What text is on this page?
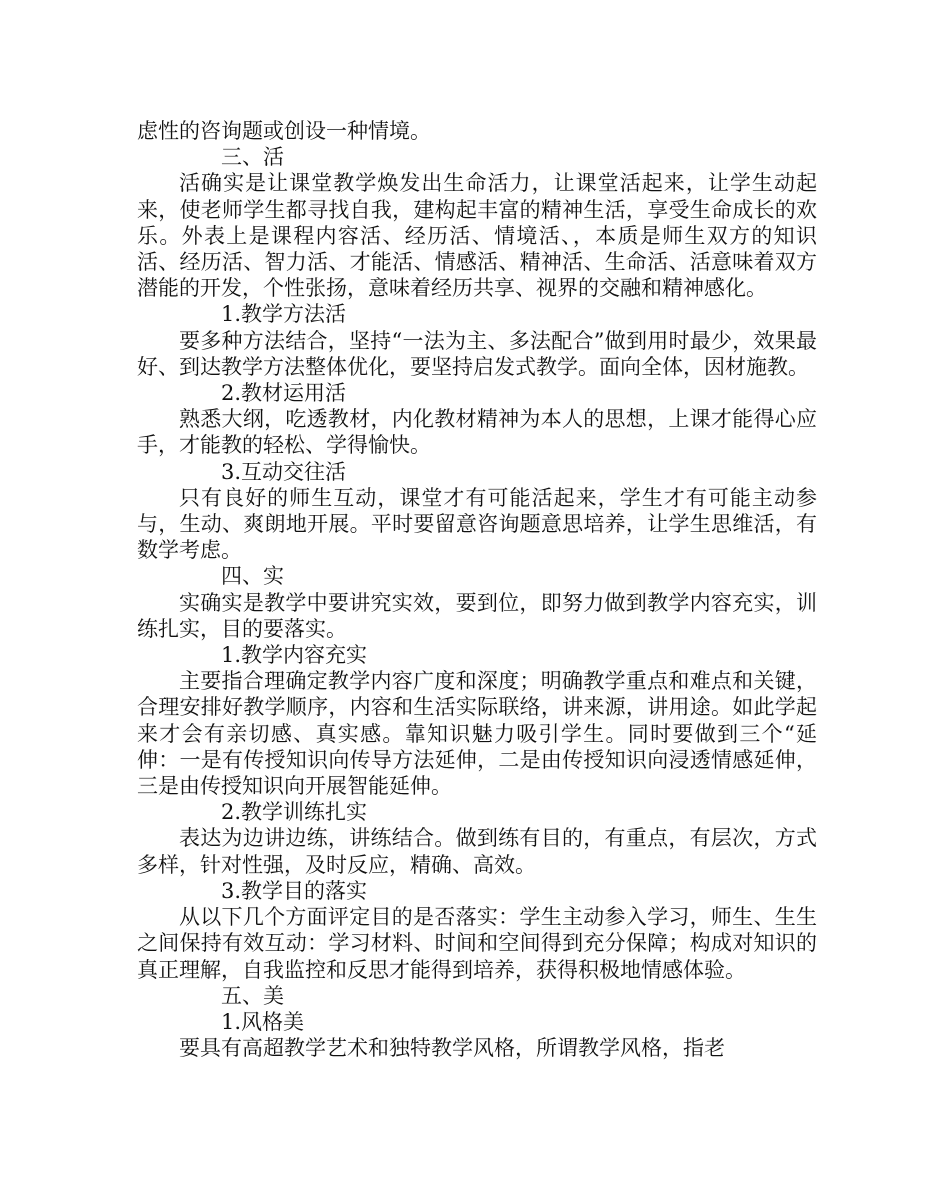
虑性的咨询题或创设一种情境。

三、活

活确实是让课堂教学焕发出生命活力，让课堂活起来，让学生动起来，使老师学生都寻找自我，建构起丰富的精神生活，享受生命成长的欢乐。外表上是课程内容活、经历活、情境活、，本质是师生双方的知识活、经历活、智力活、才能活、情感活、精神活、生命活、活意味着双方潜能的开发，个性张扬，意味着经历共享、视界的交融和精神感化。

1.教学方法活

要多种方法结合，坚持“一法为主、多法配合”做到用时最少，效果最好、到达教学方法整体优化，要坚持启发式教学。面向全体，因材施教。

2.教材运用活

熟悉大纲，吃透教材，内化教材精神为本人的思想，上课才能得心应手，才能教的轻松、学得愉快。

3.互动交往活

只有良好的师生互动，课堂才有可能活起来，学生才有可能主动参与，生动、爽朗地开展。平时要留意咨询题意思培养，让学生思维活，有数学考虑。

四、实

实确实是教学中要讲究实效，要到位，即努力做到教学内容充实，训练扎实，目的要落实。

1.教学内容充实

主要指合理确定教学内容广度和深度；明确教学重点和难点和关键，合理安排好教学顺序，内容和生活实际联络，讲来源，讲用途。如此学起来才会有亲切感、真实感。靠知识魅力吸引学生。同时要做到三个“延伸：一是有传授知识向传导方法延伸，二是由传授知识向浸透情感延伸，三是由传授知识向开展智能延伸。

2.教学训练扎实

表达为边讲边练，讲练结合。做到练有目的，有重点，有层次，方式多样，针对性强，及时反应，精确、高效。

3.教学目的落实

从以下几个方面评定目的是否落实：学生主动参入学习，师生、生生之间保持有效互动：学习材料、时间和空间得到充分保障；构成对知识的真正理解，自我监控和反思才能得到培养，获得积极地情感体验。

五、美

1.风格美

要具有高超教学艺术和独特教学风格，所谓教学风格，指老
